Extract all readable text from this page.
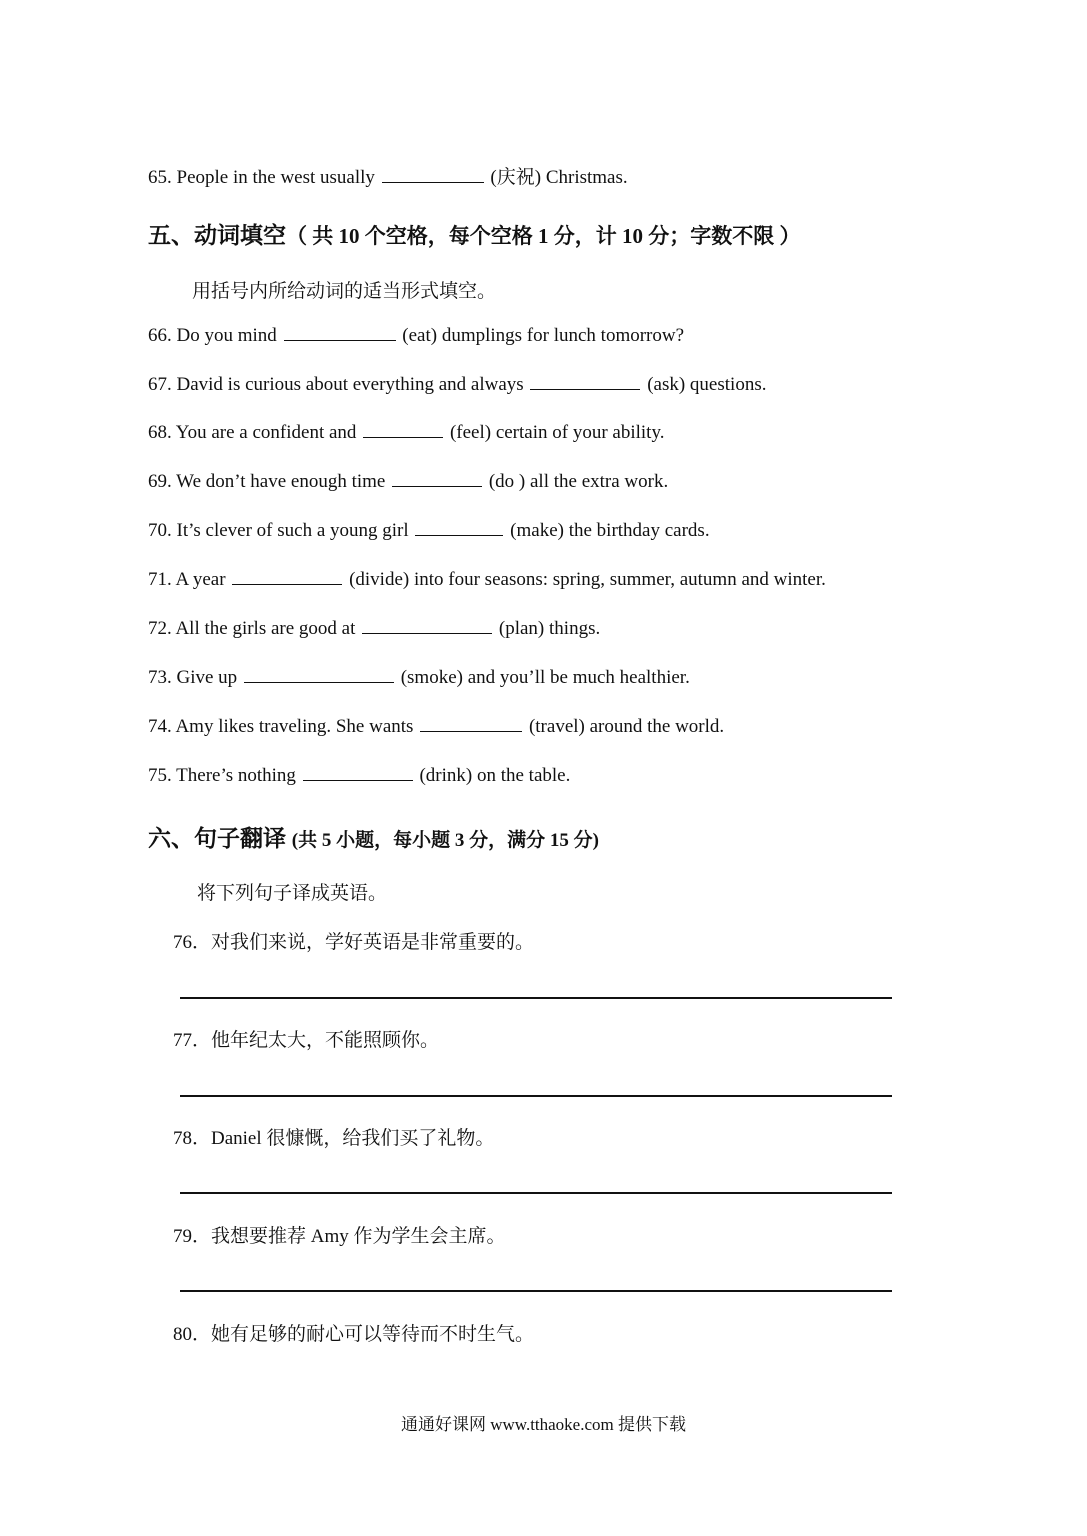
65. People in the west usually	(庆祝) Christmas.
五、动词填空（ 共 10 个空格，每个空格 1 分，计 10 分；字数不限 ）
用括号内所给动词的适当形式填空。
66. Do you mind	(eat) dumplings for lunch tomorrow?
67. David is curious about everything and always	(ask) questions.
68. You are a confident and	(feel) certain of your ability.
69. We don’t have enough time	(do ) all the extra work.
70. It’s clever of such a young girl	(make) the birthday cards.
71. A year	(divide) into four seasons: spring, summer, autumn and winter.
72. All the girls are good at	(plan) things.
73. Give up	(smoke) and you’ll be much healthier.
74. Amy likes traveling. She wants	(travel) around the world.
75. There’s nothing	(drink) on the table.
六、句子翻译 (共 5 小题，每小题 3 分，满分 15 分)
将下列句子译成英语。
76．对我们来说，学好英语是非常重要的。
77．他年纪太大，不能照顾你。
78．Daniel 很慷慨，给我们买了礼物。
79．我想要推荐 Amy 作为学生会主席。
80．她有足够的耐心可以等待而不时生气。
通通好课网 www.tthaoke.com 提供下载
